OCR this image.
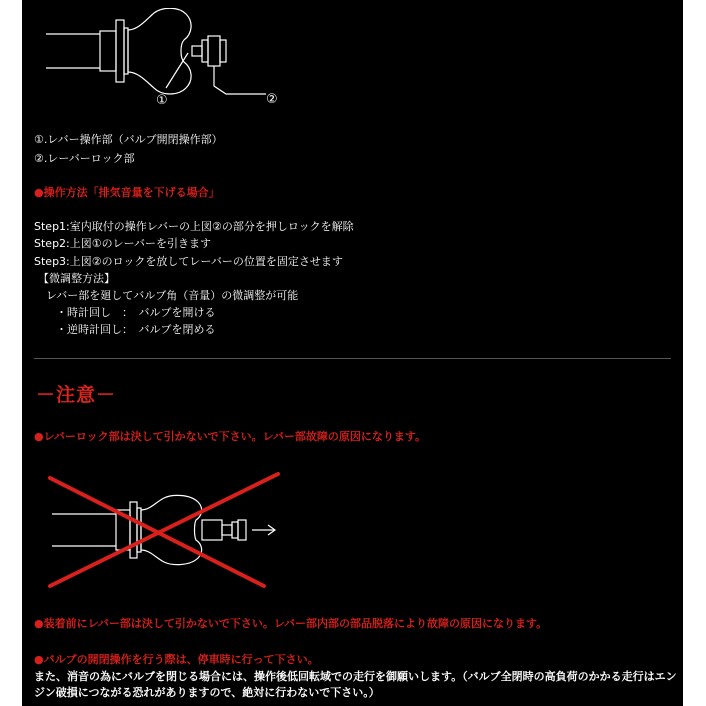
①	②
①.レバー操作部（バルブ開閉操作部）
②.レーバーロック部
●操作方法「排気音量を下げる場合」
Step1:室内取付の操作レバーの上図②の部分を押しロックを解除
Step2:上図①のレーバーを引きます
Step3:上図②のロックを放してレーバーの位置を固定させます
【微調整方法】
レバー部を廻してバルブ角（音量）の微調整が可能
・時計回し　：　バルブを開ける
・逆時計回し：　バルブを閉める
－注意－
●レバーロック部は決して引かないで下さい。レバー部故障の原因になります。
●装着前にレバー部は決して引かないで下さい。レバー部内部の部品脱落により故障の原因になります。
●バルブの開閉操作を行う際は、停車時に行って下さい。
また、消音の為にバルブを閉じる場合には、操作後低回転域での走行を御願いします。（バルブ全閉時の高負荷のかかる走行はエン
ジン破損につながる恐れがありますので、絶対に行わないで下さい。）
